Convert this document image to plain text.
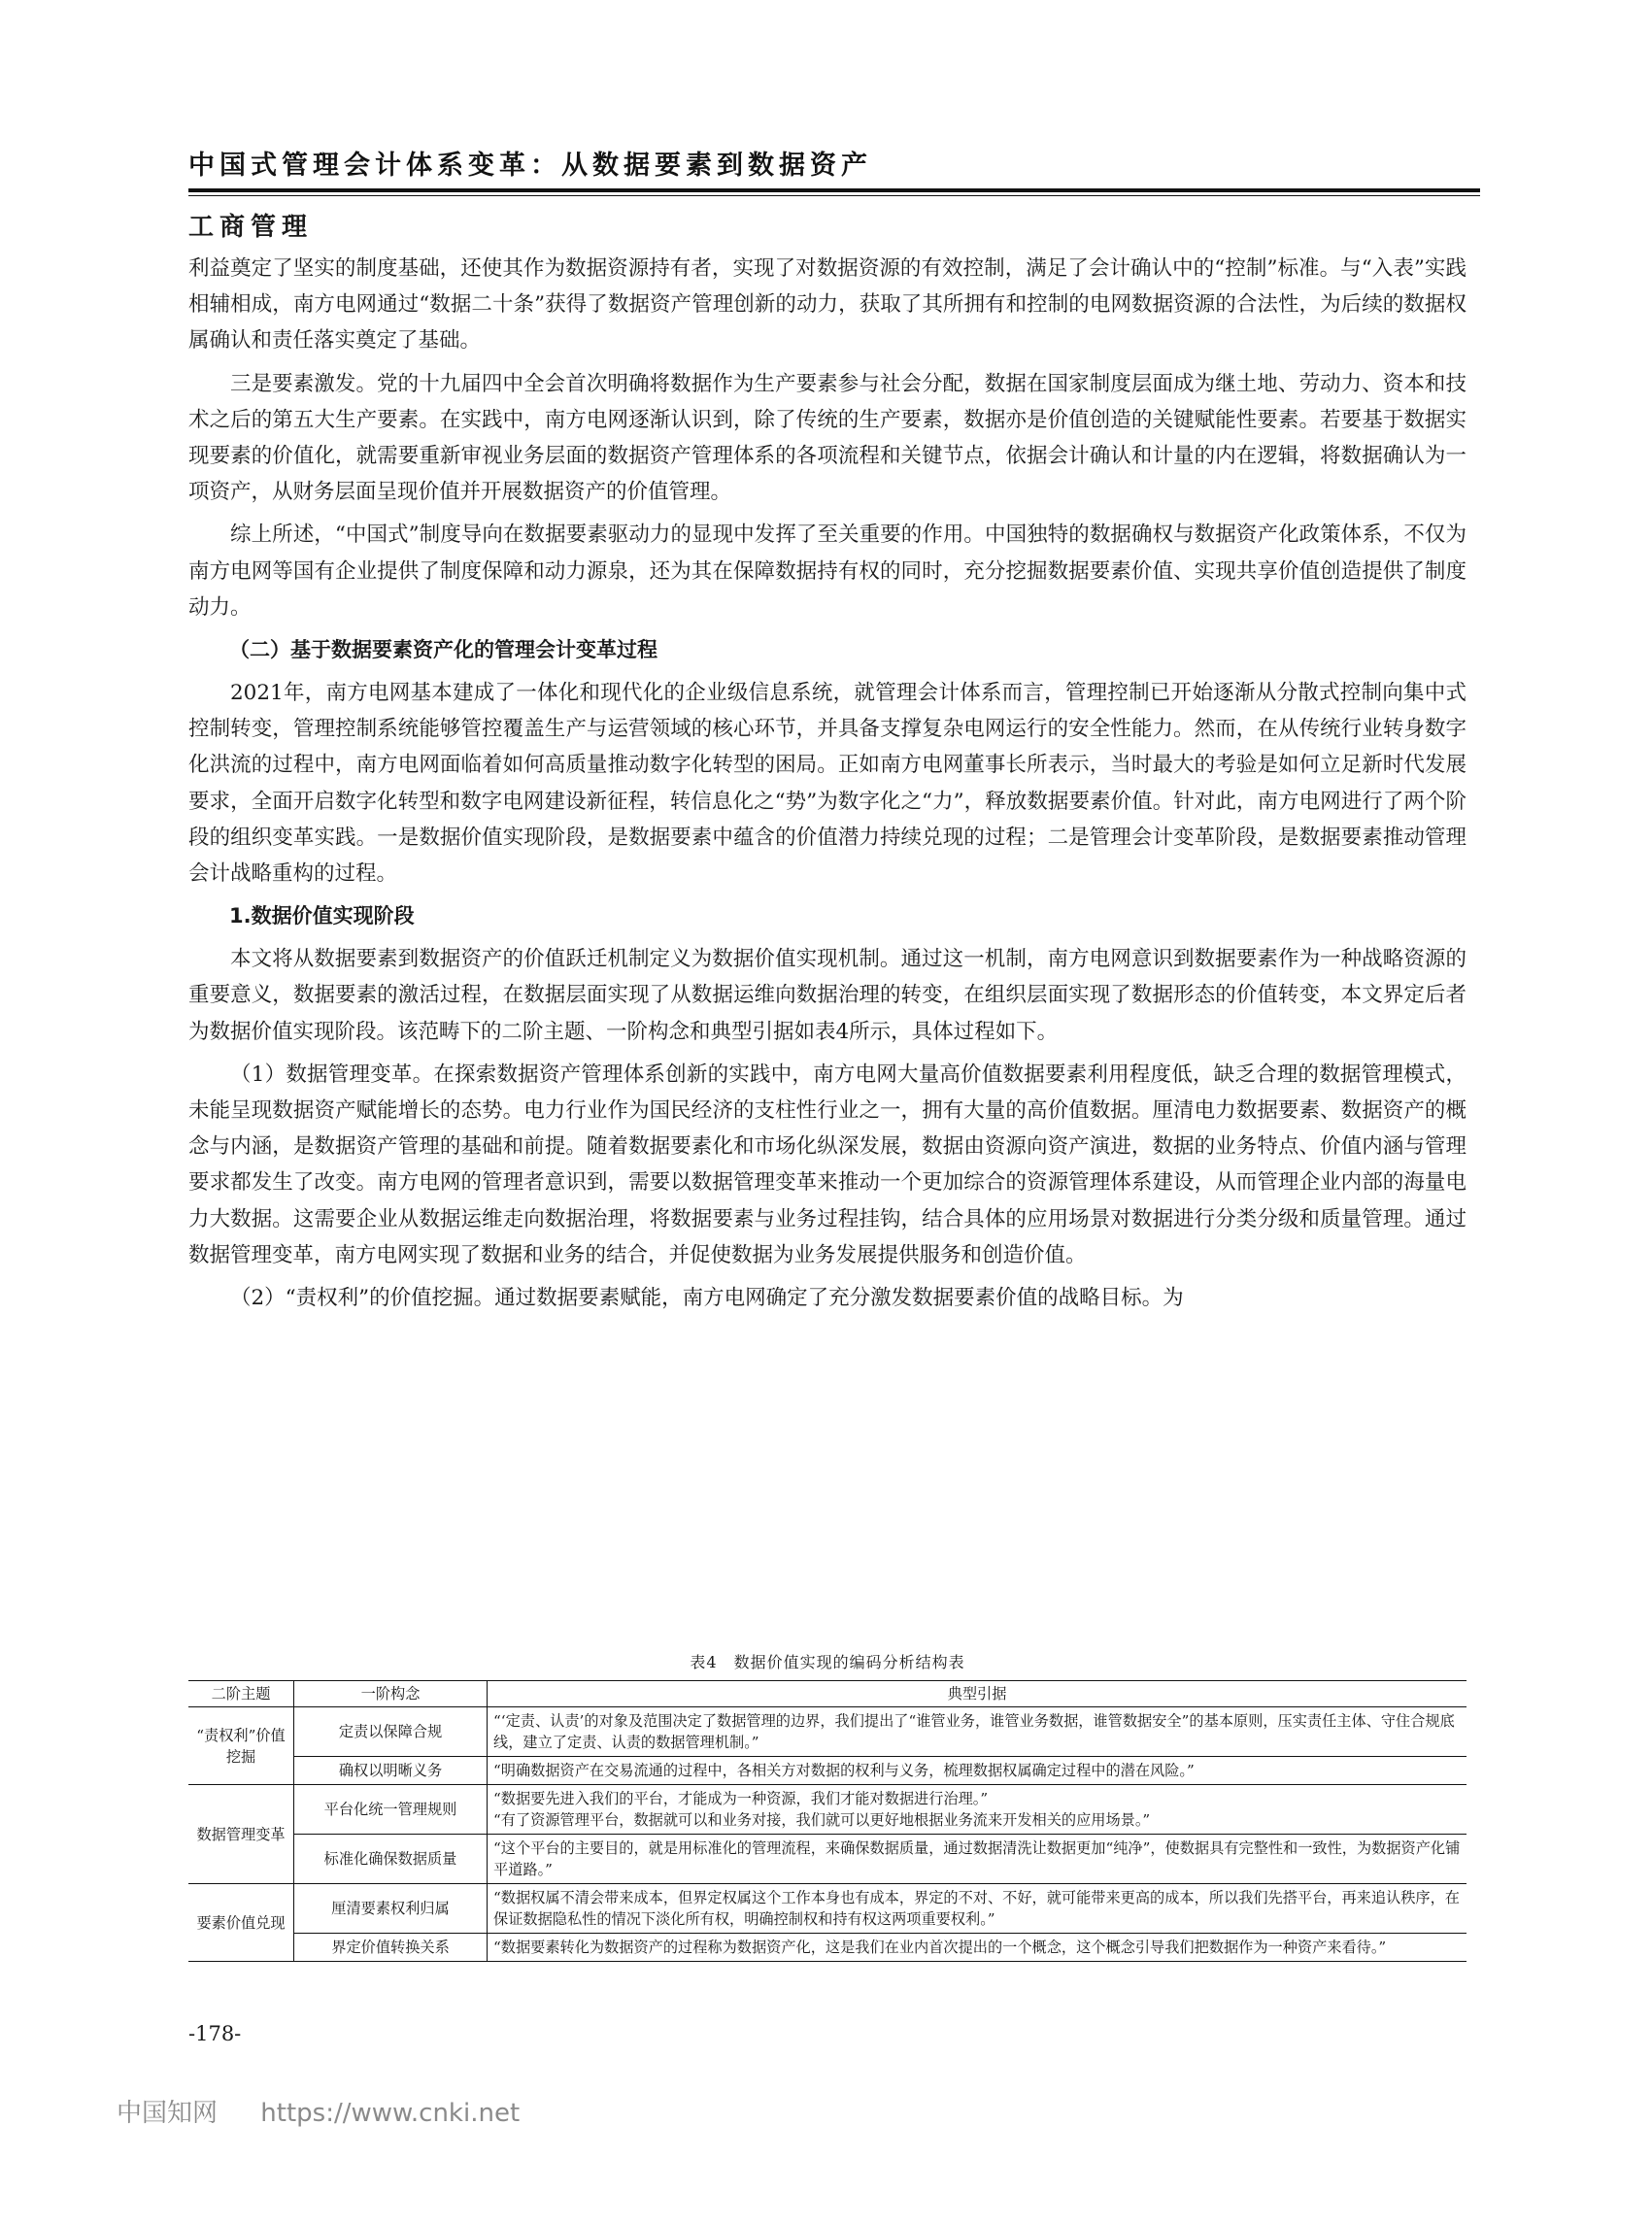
中国式管理会计体系变革：从数据要素到数据资产
工商管理

利益奠定了坚实的制度基础，还使其作为数据资源持有者，实现了对数据资源的有效控制，满足了会计确认中的“控制”标准。与“入表”实践相辅相成，南方电网通过“数据二十条”获得了数据资产管理创新的动力，获取了其所拥有和控制的电网数据资源的合法性，为后续的数据权属确认和责任落实奠定了基础。

三是要素激发。党的十九届四中全会首次明确将数据作为生产要素参与社会分配，数据在国家制度层面成为继土地、劳动力、资本和技术之后的第五大生产要素。在实践中，南方电网逐渐认识到，除了传统的生产要素，数据亦是价值创造的关键赋能性要素。若要基于数据实现要素的价值化，就需要重新审视业务层面的数据资产管理体系的各项流程和关键节点，依据会计确认和计量的内在逻辑，将数据确认为一项资产，从财务层面呈现价值并开展数据资产的价值管理。

综上所述，“中国式”制度导向在数据要素驱动力的显现中发挥了至关重要的作用。中国独特的数据确权与数据资产化政策体系，不仅为南方电网等国有企业提供了制度保障和动力源泉，还为其在保障数据持有权的同时，充分挖掘数据要素价值、实现共享价值创造提供了制度动力。

（二）基于数据要素资产化的管理会计变革过程

2021年，南方电网基本建成了一体化和现代化的企业级信息系统，就管理会计体系而言，管理控制已开始逐渐从分散式控制向集中式控制转变，管理控制系统能够管控覆盖生产与运营领域的核心环节，并具备支撑复杂电网运行的安全性能力。然而，在从传统行业转身数字化洪流的过程中，南方电网面临着如何高质量推动数字化转型的困局。正如南方电网董事长所表示，当时最大的考验是如何立足新时代发展要求，全面开启数字化转型和数字电网建设新征程，转信息化之“势”为数字化之“力”，释放数据要素价值。针对此，南方电网进行了两个阶段的组织变革实践。一是数据价值实现阶段，是数据要素中蕴含的价值潜力持续兑现的过程；二是管理会计变革阶段，是数据要素推动管理会计战略重构的过程。

1.数据价值实现阶段

本文将从数据要素到数据资产的价值跃迁机制定义为数据价值实现机制。通过这一机制，南方电网意识到数据要素作为一种战略资源的重要意义，数据要素的激活过程，在数据层面实现了从数据运维向数据治理的转变，在组织层面实现了数据形态的价值转变，本文界定后者为数据价值实现阶段。该范畴下的二阶主题、一阶构念和典型引据如表4所示，具体过程如下。

（1）数据管理变革。在探索数据资产管理体系创新的实践中，南方电网大量高价值数据要素利用程度低，缺乏合理的数据管理模式，未能呈现数据资产赋能增长的态势。电力行业作为国民经济的支柱性行业之一，拥有大量的高价值数据。厘清电力数据要素、数据资产的概念与内涵，是数据资产管理的基础和前提。随着数据要素化和市场化纵深发展，数据由资源向资产演进，数据的业务特点、价值内涵与管理要求都发生了改变。南方电网的管理者意识到，需要以数据管理变革来推动一个更加综合的资源管理体系建设，从而管理企业内部的海量电力大数据。这需要企业从数据运维走向数据治理，将数据要素与业务过程挂钩，结合具体的应用场景对数据进行分类分级和质量管理。通过数据管理变革，南方电网实现了数据和业务的结合，并促使数据为业务发展提供服务和创造价值。

（2）“责权利”的价值挖掘。通过数据要素赋能，南方电网确定了充分激发数据要素价值的战略目标。为

表4　数据价值实现的编码分析结构表
二阶主题	一阶构念	典型引据
“责权利”价值挖掘	定责以保障合规	“‘定责、认责’的对象及范围决定了数据管理的边界，我们提出了“谁管业务，谁管业务数据，谁管数据安全”的基本原则，压实责任主体、守住合规底线，建立了定责、认责的数据管理机制。”
	确权以明晰义务	“明确数据资产在交易流通的过程中，各相关方对数据的权利与义务，梳理数据权属确定过程中的潜在风险。”
数据管理变革	平台化统一管理规则	“数据要先进入我们的平台，才能成为一种资源，我们才能对数据进行治理。”
“有了资源管理平台，数据就可以和业务对接，我们就可以更好地根据业务流来开发相关的应用场景。”
	标准化确保数据质量	“这个平台的主要目的，就是用标准化的管理流程，来确保数据质量，通过数据清洗让数据更加“纯净”，使数据具有完整性和一致性，为数据资产化铺平道路。”
要素价值兑现	厘清要素权利归属	“数据权属不清会带来成本，但界定权属这个工作本身也有成本，界定的不对、不好，就可能带来更高的成本，所以我们先搭平台，再来追认秩序，在保证数据隐私性的情况下淡化所有权，明确控制权和持有权这两项重要权利。”
	界定价值转换关系	“数据要素转化为数据资产的过程称为数据资产化，这是我们在业内首次提出的一个概念，这个概念引导我们把数据作为一种资产来看待。”
-178-
中国知网 https://www.cnki.net
